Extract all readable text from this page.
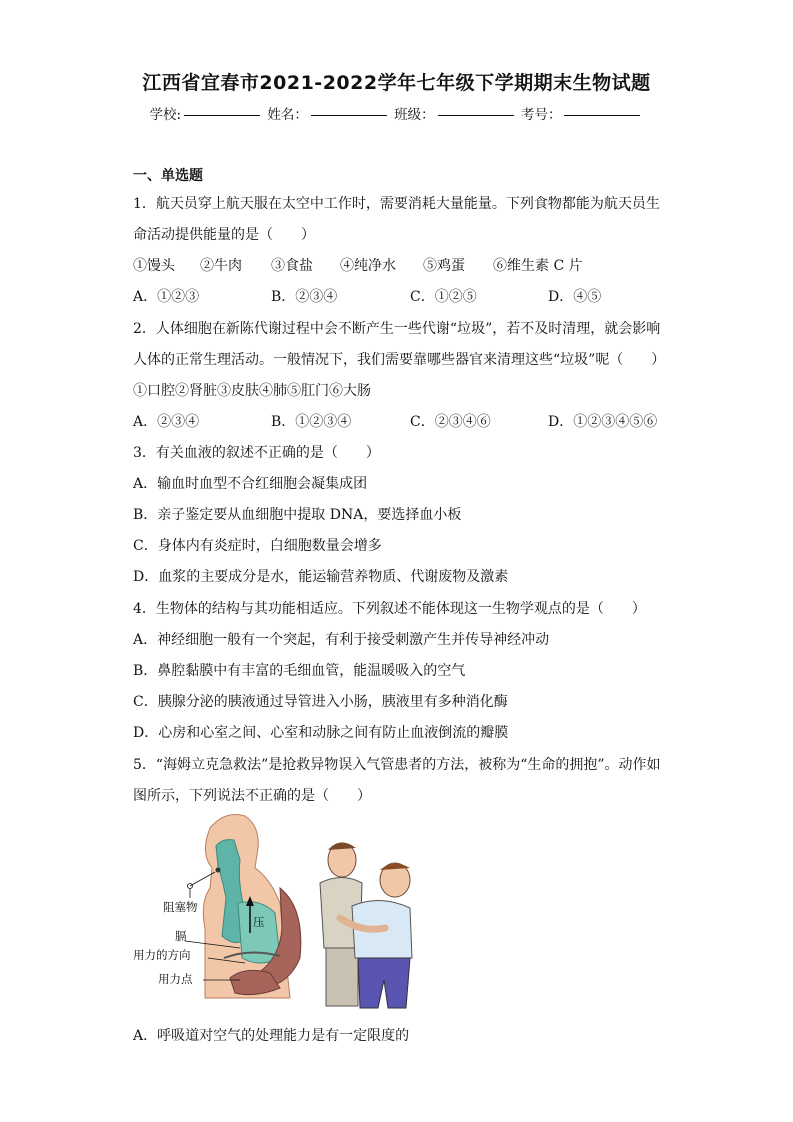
江西省宜春市2021-2022学年七年级下学期期末生物试题
学校:	姓名：	班级：	考号：
一、单选题
1．航天员穿上航天服在太空中工作时，需要消耗大量能量。下列食物都能为航天员生
命活动提供能量的是（　　）
①馒头 ②牛肉 ③食盐 ④纯净水 ⑤鸡蛋 ⑥维生素 C 片
A．①②③	B．②③④	C．①②⑤	D．④⑤
2．人体细胞在新陈代谢过程中会不断产生一些代谢“垃圾”，若不及时清理，就会影响
人体的正常生理活动。一般情况下，我们需要靠哪些器官来清理这些“垃圾”呢（　　）
①口腔②肾脏③皮肤④肺⑤肛门⑥大肠
A．②③④	B．①②③④	C．②③④⑥	D．①②③④⑤⑥
3．有关血液的叙述不正确的是（　　）
A．输血时血型不合红细胞会凝集成团
B．亲子鉴定要从血细胞中提取 DNA，要选择血小板
C．身体内有炎症时，白细胞数量会增多
D．血浆的主要成分是水，能运输营养物质、代谢废物及激素
4．生物体的结构与其功能相适应。下列叙述不能体现这一生物学观点的是（　　）
A．神经细胞一般有一个突起，有利于接受刺激产生并传导神经冲动
B．鼻腔黏膜中有丰富的毛细血管，能温暖吸入的空气
C．胰腺分泌的胰液通过导管进入小肠，胰液里有多种消化酶
D．心房和心室之间、心室和动脉之间有防止血液倒流的瓣膜
5．“海姆立克急救法”是抢救异物误入气管患者的方法，被称为“生命的拥抱”。动作如
图所示，下列说法不正确的是（　　）
阻塞物
膈
用力的方向
用力点
压
A．呼吸道对空气的处理能力是有一定限度的
